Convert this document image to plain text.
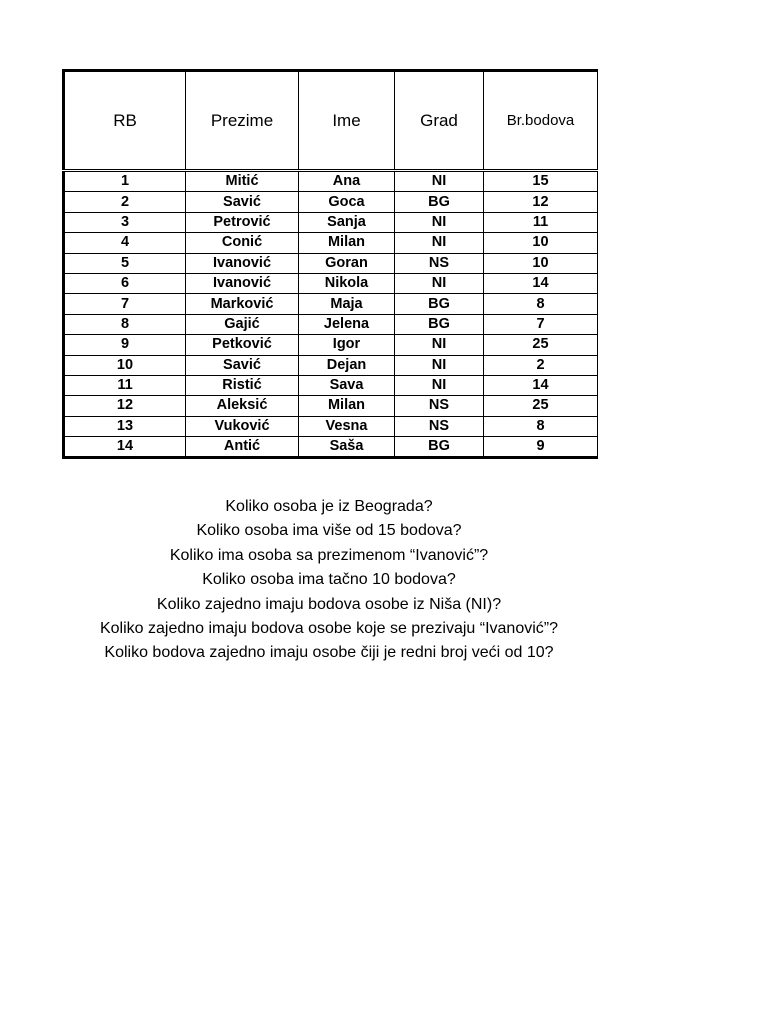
RB	Prezime	Ime	Grad	Br.bodova
1	Mitić	Ana	NI	15
2	Savić	Goca	BG	12
3	Petrović	Sanja	NI	11
4	Conić	Milan	NI	10
5	Ivanović	Goran	NS	10
6	Ivanović	Nikola	NI	14
7	Marković	Maja	BG	8
8	Gajić	Jelena	BG	7
9	Petković	Igor	NI	25
10	Savić	Dejan	NI	2
11	Ristić	Sava	NI	14
12	Aleksić	Milan	NS	25
13	Vuković	Vesna	NS	8
14	Antić	Saša	BG	9
Koliko osoba je iz Beograda?
Koliko osoba ima više od 15 bodova?
Koliko ima osoba sa prezimenom “Ivanović”?
Koliko osoba ima tačno 10 bodova?
Koliko zajedno imaju bodova osobe iz Niša (NI)?
Koliko zajedno imaju bodova osobe koje se prezivaju “Ivanović”?
Koliko bodova zajedno imaju osobe čiji je redni broj veći od 10?
